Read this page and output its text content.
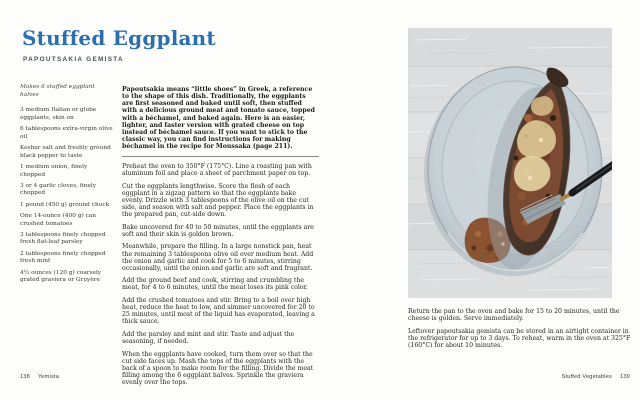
Stuffed Eggplant
PAPOUTSAKIA GEMISTA

Makes 6 stuffed eggplant halves

3 medium Italian or globe eggplants, skin on

6 tablespoons extra-virgin olive oil

Kosher salt and freshly ground black pepper to taste

1 medium onion, finely chopped

3 or 4 garlic cloves, finely chopped

1 pound (450 g) ground chuck

One 14-ounce (400 g) can crushed tomatoes

3 tablespoons finely chopped fresh flat-leaf parsley

2 tablespoons finely chopped fresh mint

4½ ounces (120 g) coarsely grated graviera or Gruyère

Papoutsakia means “little shoes” in Greek, a reference to the shape of this dish. Traditionally, the eggplants are first seasoned and baked until soft, then stuffed with a delicious ground meat and tomato sauce, topped with a béchamel, and baked again. Here is an easier, lighter, and faster version with grated cheese on top instead of béchamel sauce. If you want to stick to the classic way, you can find instructions for making béchamel in the recipe for Moussaka (page 211).

Preheat the oven to 350°F (175°C). Line a roasting pan with aluminum foil and place a sheet of parchment paper on top.

Cut the eggplants lengthwise. Score the flesh of each eggplant in a zigzag pattern so that the eggplants bake evenly. Drizzle with 3 tablespoons of the olive oil on the cut side, and season with salt and pepper. Place the eggplants in the prepared pan, cut-side down.

Bake uncovered for 40 to 50 minutes, until the eggplants are soft and their skin is golden brown.

Meanwhile, prepare the filling. In a large nonstick pan, heat the remaining 3 tablespoons olive oil over medium heat. Add the onion and garlic and cook for 5 to 6 minutes, stirring occasionally, until the onion and garlic are soft and fragrant.

Add the ground beef and cook, stirring and crumbling the meat, for 4 to 6 minutes, until the meat loses its pink color.

Add the crushed tomatoes and stir. Bring to a boil over high heat, reduce the heat to low, and simmer uncovered for 20 to 25 minutes, until most of the liquid has evaporated, leaving a thick sauce.

Add the parsley and mint and stir. Taste and adjust the seasoning, if needed.

When the eggplants have cooked, turn them over so that the cut side faces up. Mash the tops of the eggplants with the back of a spoon to make room for the filling. Divide the meat filling among the 6 eggplant halves. Sprinkle the graviera evenly over the tops.

138 Yemista

Return the pan to the oven and bake for 15 to 20 minutes, until the cheese is golden. Serve immediately.

Leftover papoutsakia gemista can be stored in an airtight container in the refrigerator for up to 3 days. To reheat, warm in the oven at 325°F (160°C) for about 10 minutes.

Stuffed Vegetables 139
